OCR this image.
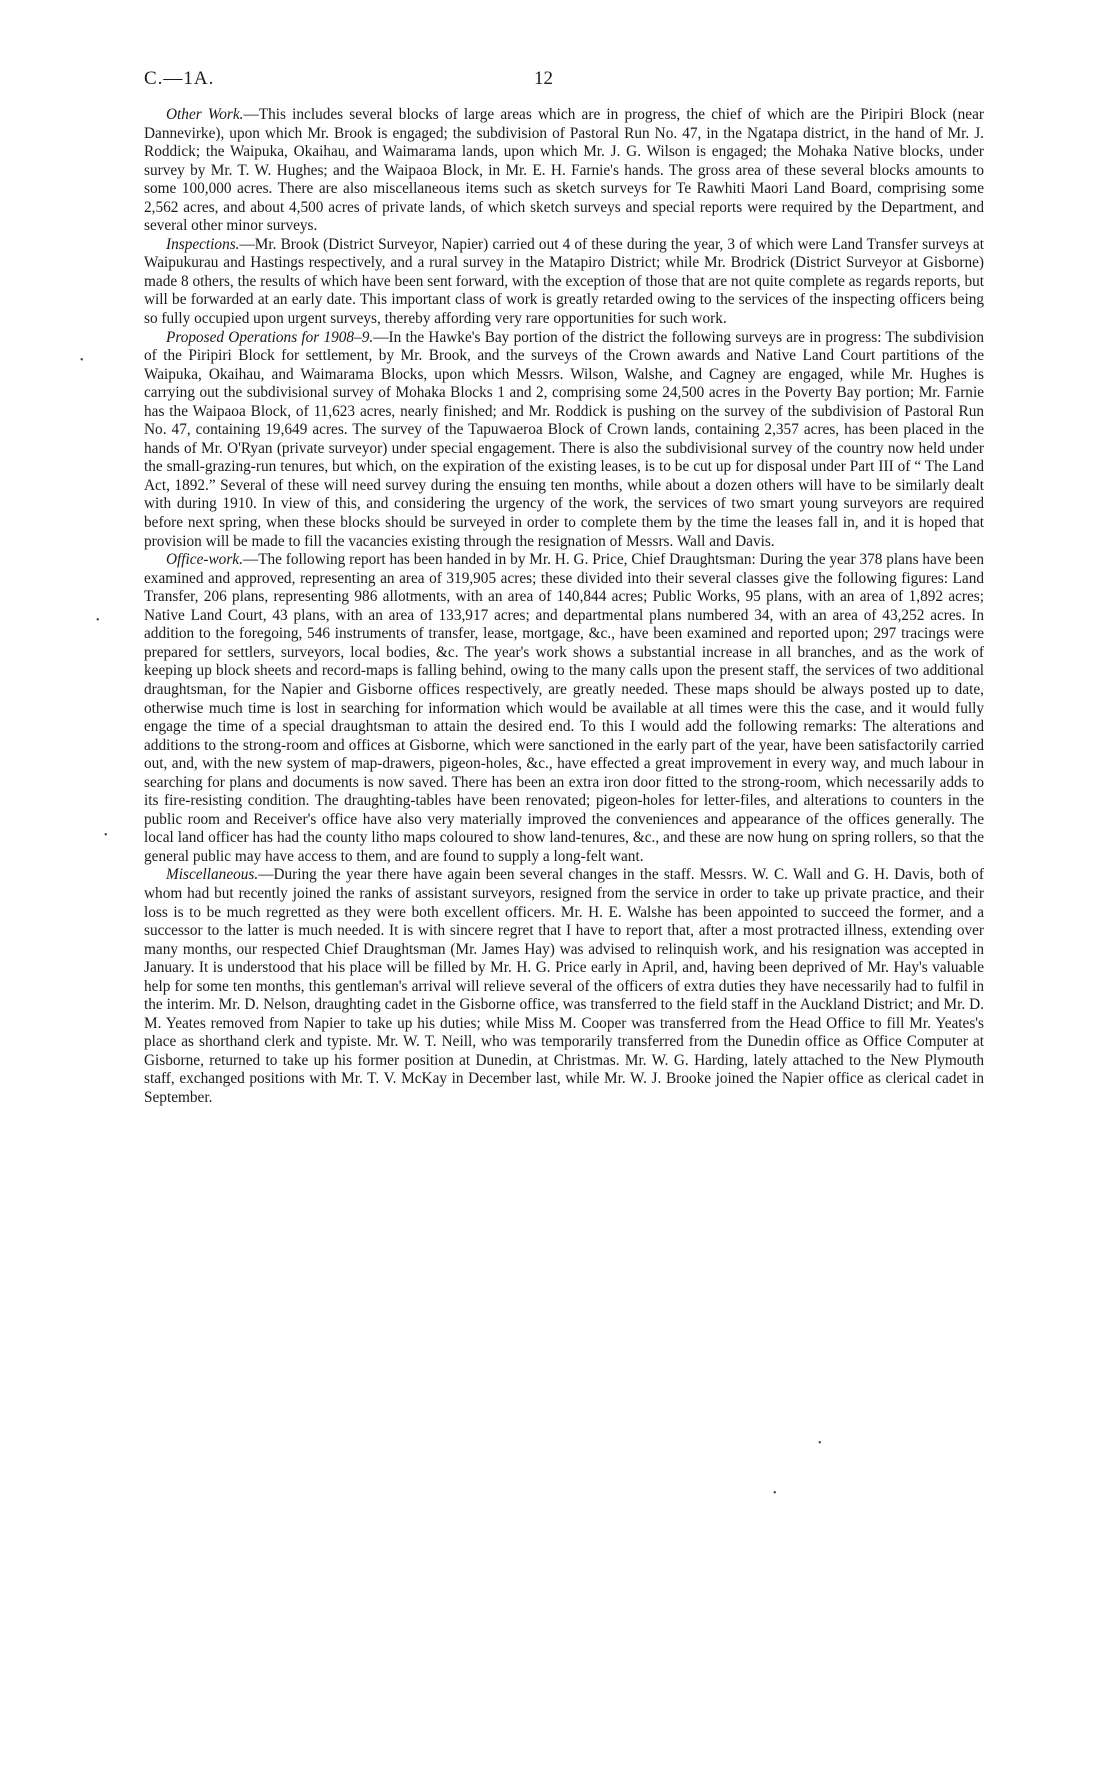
C.—1A.	12

Other Work.—This includes several blocks of large areas which are in progress, the chief of which are the Piripiri Block (near Dannevirke), upon which Mr. Brook is engaged; the subdivision of Pastoral Run No. 47, in the Ngatapa district, in the hand of Mr. J. Roddick; the Waipuka, Okaihau, and Waimarama lands, upon which Mr. J. G. Wilson is engaged; the Mohaka Native blocks, under survey by Mr. T. W. Hughes; and the Waipaoa Block, in Mr. E. H. Farnie's hands. The gross area of these several blocks amounts to some 100,000 acres. There are also miscellaneous items such as sketch surveys for Te Rawhiti Maori Land Board, comprising some 2,562 acres, and about 4,500 acres of private lands, of which sketch surveys and special reports were required by the Department, and several other minor surveys.

Inspections.—Mr. Brook (District Surveyor, Napier) carried out 4 of these during the year, 3 of which were Land Transfer surveys at Waipukurau and Hastings respectively, and a rural survey in the Matapiro District; while Mr. Brodrick (District Surveyor at Gisborne) made 8 others, the results of which have been sent forward, with the exception of those that are not quite complete as regards reports, but will be forwarded at an early date. This important class of work is greatly retarded owing to the services of the inspecting officers being so fully occupied upon urgent surveys, thereby affording very rare opportunities for such work.

Proposed Operations for 1908–9.—In the Hawke's Bay portion of the district the following surveys are in progress: The subdivision of the Piripiri Block for settlement, by Mr. Brook, and the surveys of the Crown awards and Native Land Court partitions of the Waipuka, Okaihau, and Waimarama Blocks, upon which Messrs. Wilson, Walshe, and Cagney are engaged, while Mr. Hughes is carrying out the subdivisional survey of Mohaka Blocks 1 and 2, comprising some 24,500 acres in the Poverty Bay portion; Mr. Farnie has the Waipaoa Block, of 11,623 acres, nearly finished; and Mr. Roddick is pushing on the survey of the subdivision of Pastoral Run No. 47, containing 19,649 acres. The survey of the Tapuwaeroa Block of Crown lands, containing 2,357 acres, has been placed in the hands of Mr. O'Ryan (private surveyor) under special engagement. There is also the subdivisional survey of the country now held under the small-grazing-run tenures, but which, on the expiration of the existing leases, is to be cut up for disposal under Part III of “ The Land Act, 1892.” Several of these will need survey during the ensuing ten months, while about a dozen others will have to be similarly dealt with during 1910. In view of this, and considering the urgency of the work, the services of two smart young surveyors are required before next spring, when these blocks should be surveyed in order to complete them by the time the leases fall in, and it is hoped that provision will be made to fill the vacancies existing through the resignation of Messrs. Wall and Davis.

Office-work.—The following report has been handed in by Mr. H. G. Price, Chief Draughtsman: During the year 378 plans have been examined and approved, representing an area of 319,905 acres; these divided into their several classes give the following figures: Land Transfer, 206 plans, representing 986 allotments, with an area of 140,844 acres; Public Works, 95 plans, with an area of 1,892 acres; Native Land Court, 43 plans, with an area of 133,917 acres; and departmental plans numbered 34, with an area of 43,252 acres. In addition to the foregoing, 546 instruments of transfer, lease, mortgage, &c., have been examined and reported upon; 297 tracings were prepared for settlers, surveyors, local bodies, &c. The year's work shows a substantial increase in all branches, and as the work of keeping up block sheets and record-maps is falling behind, owing to the many calls upon the present staff, the services of two additional draughtsman, for the Napier and Gisborne offices respectively, are greatly needed. These maps should be always posted up to date, otherwise much time is lost in searching for information which would be available at all times were this the case, and it would fully engage the time of a special draughtsman to attain the desired end. To this I would add the following remarks: The alterations and additions to the strong-room and offices at Gisborne, which were sanctioned in the early part of the year, have been satisfactorily carried out, and, with the new system of map-drawers, pigeon-holes, &c., have effected a great improvement in every way, and much labour in searching for plans and documents is now saved. There has been an extra iron door fitted to the strong-room, which necessarily adds to its fire-resisting condition. The draughting-tables have been renovated; pigeon-holes for letter-files, and alterations to counters in the public room and Receiver's office have also very materially improved the conveniences and appearance of the offices generally. The local land officer has had the county litho maps coloured to show land-tenures, &c., and these are now hung on spring rollers, so that the general public may have access to them, and are found to supply a long-felt want.

Miscellaneous.—During the year there have again been several changes in the staff. Messrs. W. C. Wall and G. H. Davis, both of whom had but recently joined the ranks of assistant surveyors, resigned from the service in order to take up private practice, and their loss is to be much regretted as they were both excellent officers. Mr. H. E. Walshe has been appointed to succeed the former, and a successor to the latter is much needed. It is with sincere regret that I have to report that, after a most protracted illness, extending over many months, our respected Chief Draughtsman (Mr. James Hay) was advised to relinquish work, and his resignation was accepted in January. It is understood that his place will be filled by Mr. H. G. Price early in April, and, having been deprived of Mr. Hay's valuable help for some ten months, this gentleman's arrival will relieve several of the officers of extra duties they have necessarily had to fulfil in the interim. Mr. D. Nelson, draughting cadet in the Gisborne office, was transferred to the field staff in the Auckland District; and Mr. D. M. Yeates removed from Napier to take up his duties; while Miss M. Cooper was transferred from the Head Office to fill Mr. Yeates's place as shorthand clerk and typiste. Mr. W. T. Neill, who was temporarily transferred from the Dunedin office as Office Computer at Gisborne, returned to take up his former position at Dunedin, at Christmas. Mr. W. G. Harding, lately attached to the New Plymouth staff, exchanged positions with Mr. T. V. McKay in December last, while Mr. W. J. Brooke joined the Napier office as clerical cadet in September.

•
•
•
•
•
